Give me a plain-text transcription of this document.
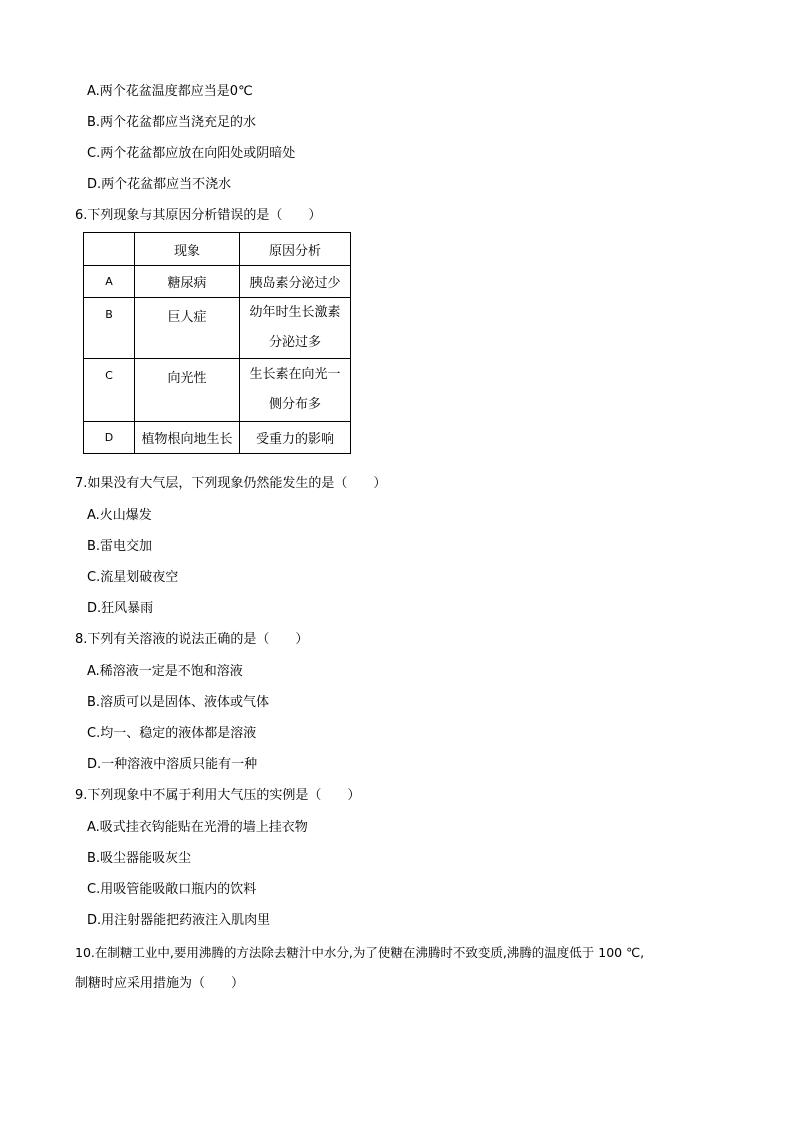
A.两个花盆温度都应当是0℃
B.两个花盆都应当浇充足的水
C.两个花盆都应放在向阳处或阴暗处
D.两个花盆都应当不浇水
6.下列现象与其原因分析错误的是（　　）
	现象	原因分析
A	糖尿病	胰岛素分泌过少
B	巨人症	幼年时生长激素
分泌过多

C	向光性	生长素在向光一
侧分布多

D	植物根向地生长	受重力的影响
7.如果没有大气层，下列现象仍然能发生的是（　　）
A.火山爆发
B.雷电交加
C.流星划破夜空
D.狂风暴雨
8.下列有关溶液的说法正确的是（　　）
A.稀溶液一定是不饱和溶液
B.溶质可以是固体、液体或气体
C.均一、稳定的液体都是溶液
D.一种溶液中溶质只能有一种
9.下列现象中不属于利用大气压的实例是（　　）
A.吸式挂衣钩能贴在光滑的墙上挂衣物
B.吸尘器能吸灰尘
C.用吸管能吸敞口瓶内的饮料
D.用注射器能把药液注入肌肉里
10.在制糖工业中,要用沸腾的方法除去糖汁中水分,为了使糖在沸腾时不致变质,沸腾的温度低于 100 ℃,
制糖时应采用措施为（　　）
